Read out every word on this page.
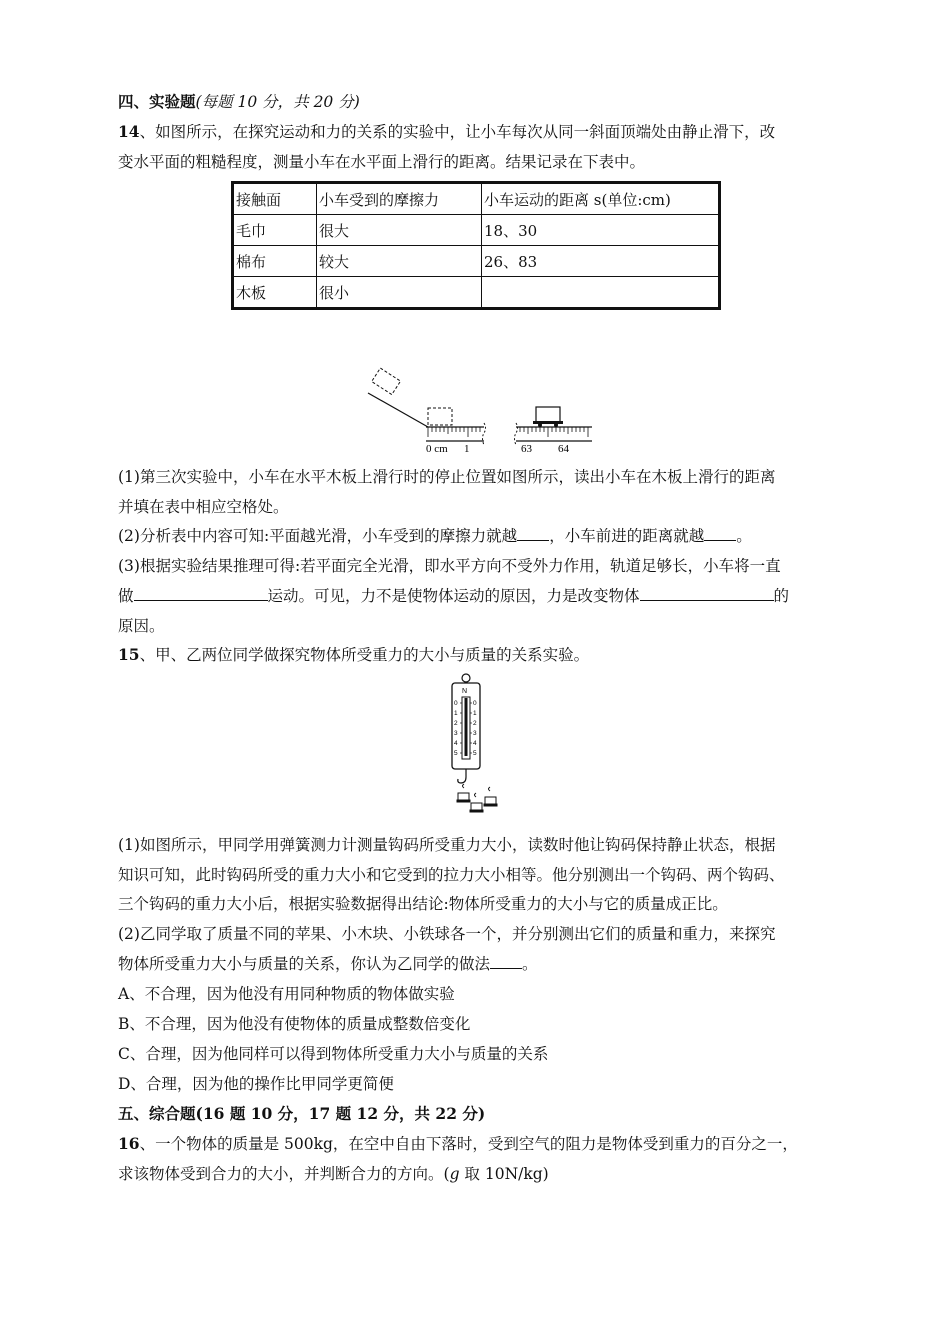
四、实验题(每题 10 分，共 20 分)
14、如图所示，在探究运动和力的关系的实验中，让小车每次从同一斜面顶端处由静止滑下，改
变水平面的粗糙程度，测量小车在水平面上滑行的距离。结果记录在下表中。
接触面	小车受到的摩擦力	小车运动的距离 s(单位:cm)
毛巾	很大	18、30
棉布	较大	26、83
木板	很小	
0 cm 1	63 64
(1)第三次实验中，小车在水平木板上滑行时的停止位置如图所示，读出小车在木板上滑行的距离
并填在表中相应空格处。
(2)分析表中内容可知:平面越光滑，小车受到的摩擦力就越 ，小车前进的距离就越 。
(3)根据实验结果推理可得:若平面完全光滑，即水平方向不受外力作用，轨道足够长，小车将一直
做	运动。可见，力不是使物体运动的原因，力是改变物体	的
原因。
15、甲、乙两位同学做探究物体所受重力的大小与质量的关系实验。
N
0
1
2
3
4
5
0
1
2
3
4
5
(1)如图所示，甲同学用弹簧测力计测量钩码所受重力大小，读数时他让钩码保持静止状态，根据
知识可知，此时钩码所受的重力大小和它受到的拉力大小相等。他分别测出一个钩码、两个钩码、
三个钩码的重力大小后，根据实验数据得出结论:物体所受重力的大小与它的质量成正比。
(2)乙同学取了质量不同的苹果、小木块、小铁球各一个，并分别测出它们的质量和重力，来探究
物体所受重力大小与质量的关系，你认为乙同学的做法 。
A、不合理，因为他没有用同种物质的物体做实验
B、不合理，因为他没有使物体的质量成整数倍变化
C、合理，因为他同样可以得到物体所受重力大小与质量的关系
D、合理，因为他的操作比甲同学更简便
五、综合题(16 题 10 分，17 题 12 分，共 22 分)
16、一个物体的质量是 500kg，在空中自由下落时，受到空气的阻力是物体受到重力的百分之一，
求该物体受到合力的大小，并判断合力的方向。(g 取 10N/kg)
